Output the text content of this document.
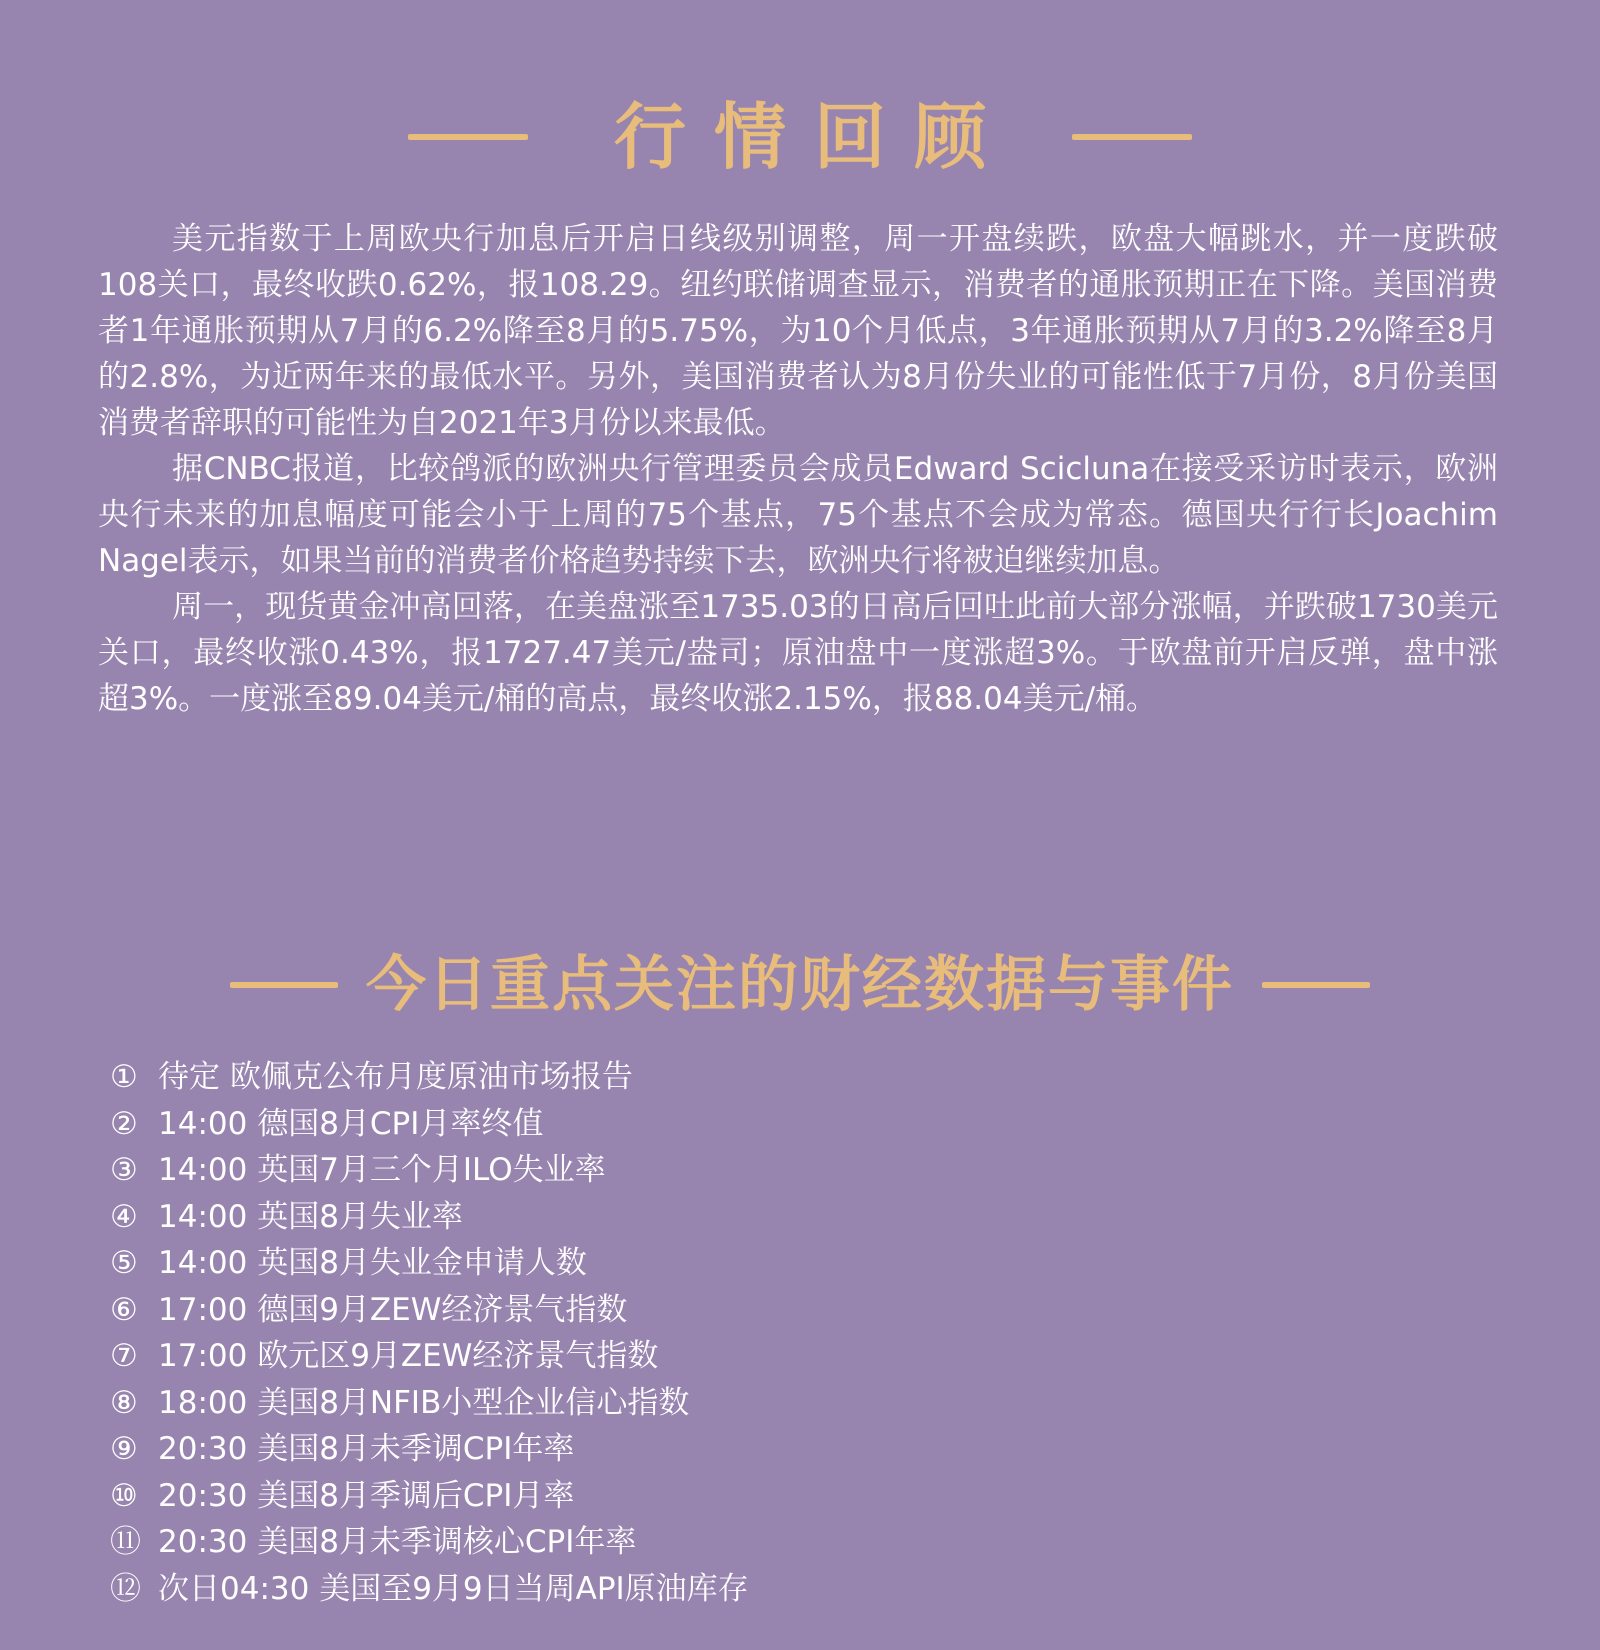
行情回顾

美元指数于上周欧央行加息后开启日线级别调整，周一开盘续跌，欧盘大幅跳水，并一度跌破108关口，最终收跌0.62%，报108.29。纽约联储调查显示，消费者的通胀预期正在下降。美国消费者1年通胀预期从7月的6.2%降至8月的5.75%，为10个月低点，3年通胀预期从7月的3.2%降至8月的2.8%，为近两年来的最低水平。另外，美国消费者认为8月份失业的可能性低于7月份，8月份美国消费者辞职的可能性为自2021年3月份以来最低。

据CNBC报道，比较鸽派的欧洲央行管理委员会成员Edward Scicluna在接受采访时表示，欧洲央行未来的加息幅度可能会小于上周的75个基点，75个基点不会成为常态。德国央行行长Joachim Nagel表示，如果当前的消费者价格趋势持续下去，欧洲央行将被迫继续加息。

周一，现货黄金冲高回落，在美盘涨至1735.03的日高后回吐此前大部分涨幅，并跌破1730美元关口，最终收涨0.43%，报1727.47美元/盎司；原油盘中一度涨超3%。于欧盘前开启反弹，盘中涨超3%。一度涨至89.04美元/桶的高点，最终收涨2.15%，报88.04美元/桶。

今日重点关注的财经数据与事件
① 待定 欧佩克公布月度原油市场报告
② 14:00 德国8月CPI月率终值
③ 14:00 英国7月三个月ILO失业率
④ 14:00 英国8月失业率
⑤ 14:00 英国8月失业金申请人数
⑥ 17:00 德国9月ZEW经济景气指数
⑦ 17:00 欧元区9月ZEW经济景气指数
⑧ 18:00 美国8月NFIB小型企业信心指数
⑨ 20:30 美国8月未季调CPI年率
⑩ 20:30 美国8月季调后CPI月率
⑪ 20:30 美国8月未季调核心CPI年率
⑫ 次日04:30 美国至9月9日当周API原油库存
